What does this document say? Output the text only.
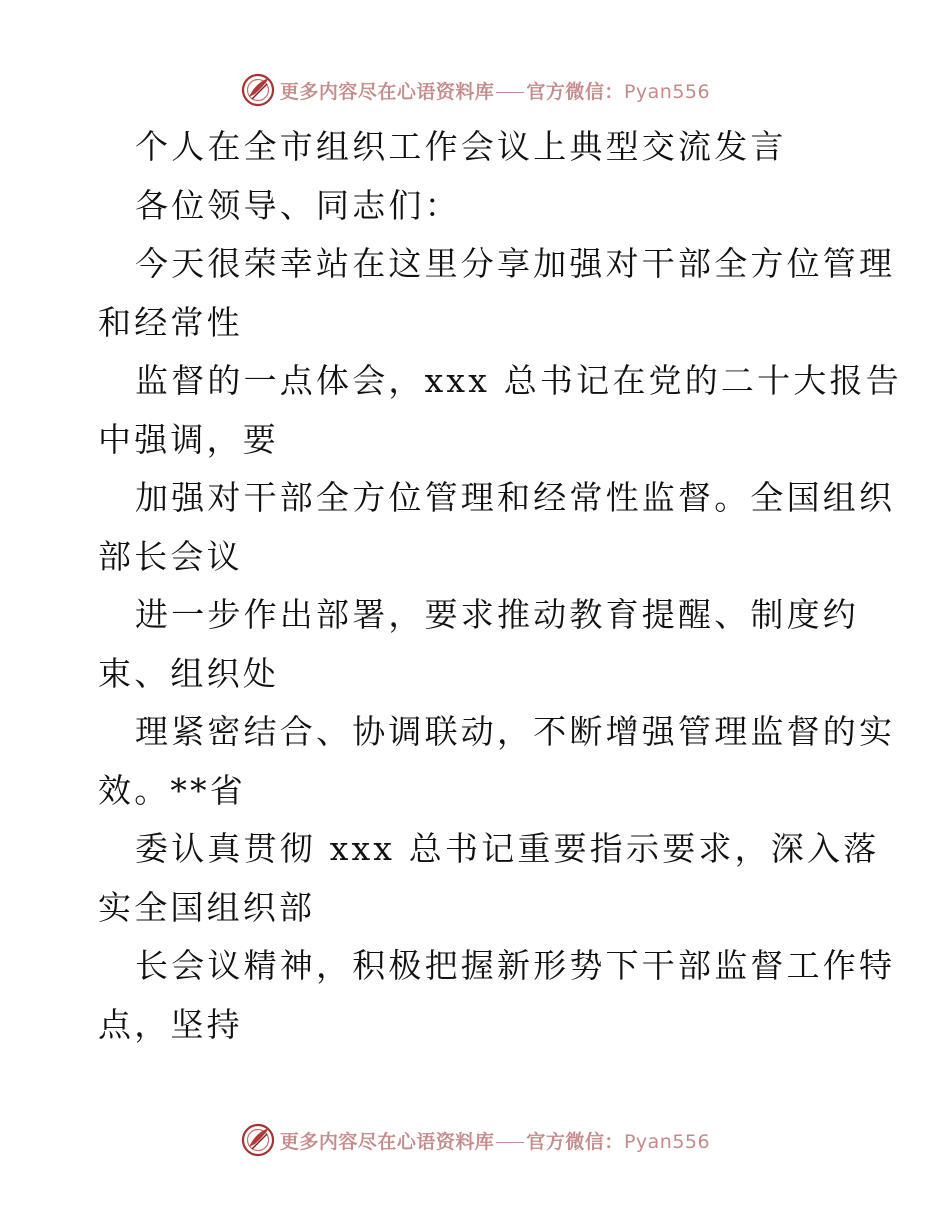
更多内容尽在心语资料库 官方微信：Pyan556
个人在全市组织工作会议上典型交流发言
各位领导、同志们：
今天很荣幸站在这里分享加强对干部全方位管理
和经常性
监督的一点体会，xxx 总书记在党的二十大报告
中强调，要
加强对干部全方位管理和经常性监督。全国组织
部长会议
进一步作出部署，要求推动教育提醒、制度约
束、组织处
理紧密结合、协调联动，不断增强管理监督的实
效。**省
委认真贯彻 xxx 总书记重要指示要求，深入落
实全国组织部
长会议精神，积极把握新形势下干部监督工作特
点，坚持
更多内容尽在心语资料库 官方微信：Pyan556
